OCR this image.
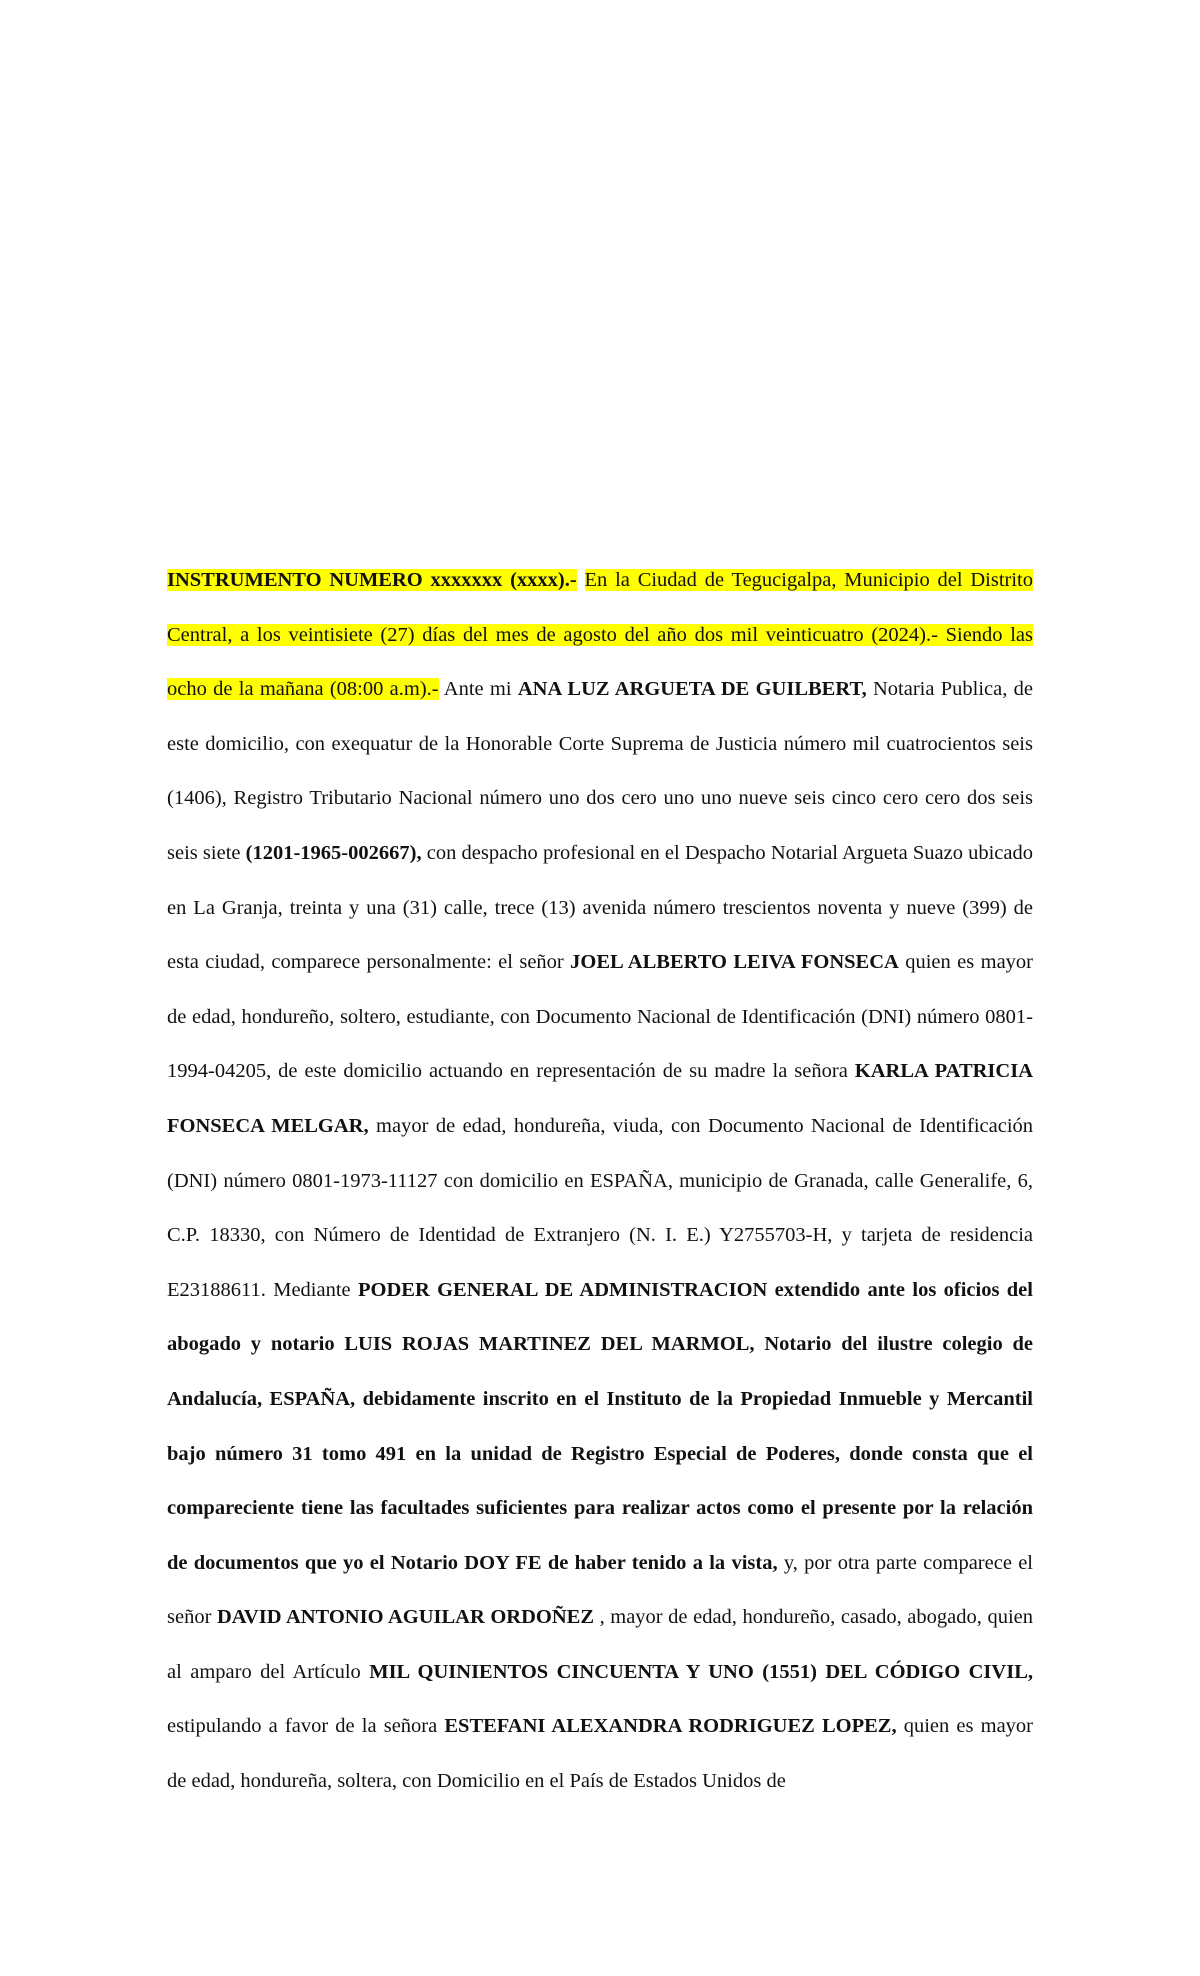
INSTRUMENTO NUMERO xxxxxxx (xxxx).- En la Ciudad de Tegucigalpa, Municipio del Distrito Central, a los veintisiete (27) días del mes de agosto del año dos mil veinticuatro (2024).- Siendo las ocho de la mañana (08:00 a.m).- Ante mi ANA LUZ ARGUETA DE GUILBERT, Notaria Publica, de este domicilio, con exequatur de la Honorable Corte Suprema de Justicia número mil cuatrocientos seis (1406), Registro Tributario Nacional número uno dos cero uno uno nueve seis cinco cero cero dos seis seis siete (1201-1965-002667), con despacho profesional en el Despacho Notarial Argueta Suazo ubicado en La Granja, treinta y una (31) calle, trece (13) avenida número trescientos noventa y nueve (399) de esta ciudad, comparece personalmente: el señor JOEL ALBERTO LEIVA FONSECA quien es mayor de edad, hondureño, soltero, estudiante, con Documento Nacional de Identificación (DNI) número 0801-1994-04205, de este domicilio actuando en representación de su madre la señora KARLA PATRICIA FONSECA MELGAR, mayor de edad, hondureña, viuda, con Documento Nacional de Identificación (DNI) número 0801-1973-11127 con domicilio en ESPAÑA, municipio de Granada, calle Generalife, 6, C.P. 18330, con Número de Identidad de Extranjero (N. I. E.) Y2755703-H, y tarjeta de residencia E23188611. Mediante PODER GENERAL DE ADMINISTRACION extendido ante los oficios del abogado y notario LUIS ROJAS MARTINEZ DEL MARMOL, Notario del ilustre colegio de Andalucía, ESPAÑA, debidamente inscrito en el Instituto de la Propiedad Inmueble y Mercantil bajo número 31 tomo 491 en la unidad de Registro Especial de Poderes, donde consta que el compareciente tiene las facultades suficientes para realizar actos como el presente por la relación de documentos que yo el Notario DOY FE de haber tenido a la vista, y, por otra parte comparece el señor DAVID ANTONIO AGUILAR ORDOÑEZ , mayor de edad, hondureño, casado, abogado, quien al amparo del Artículo MIL QUINIENTOS CINCUENTA Y UNO (1551) DEL CÓDIGO CIVIL, estipulando a favor de la señora ESTEFANI ALEXANDRA RODRIGUEZ LOPEZ, quien es mayor de edad, hondureña, soltera, con Domicilio en el País de Estados Unidos de
